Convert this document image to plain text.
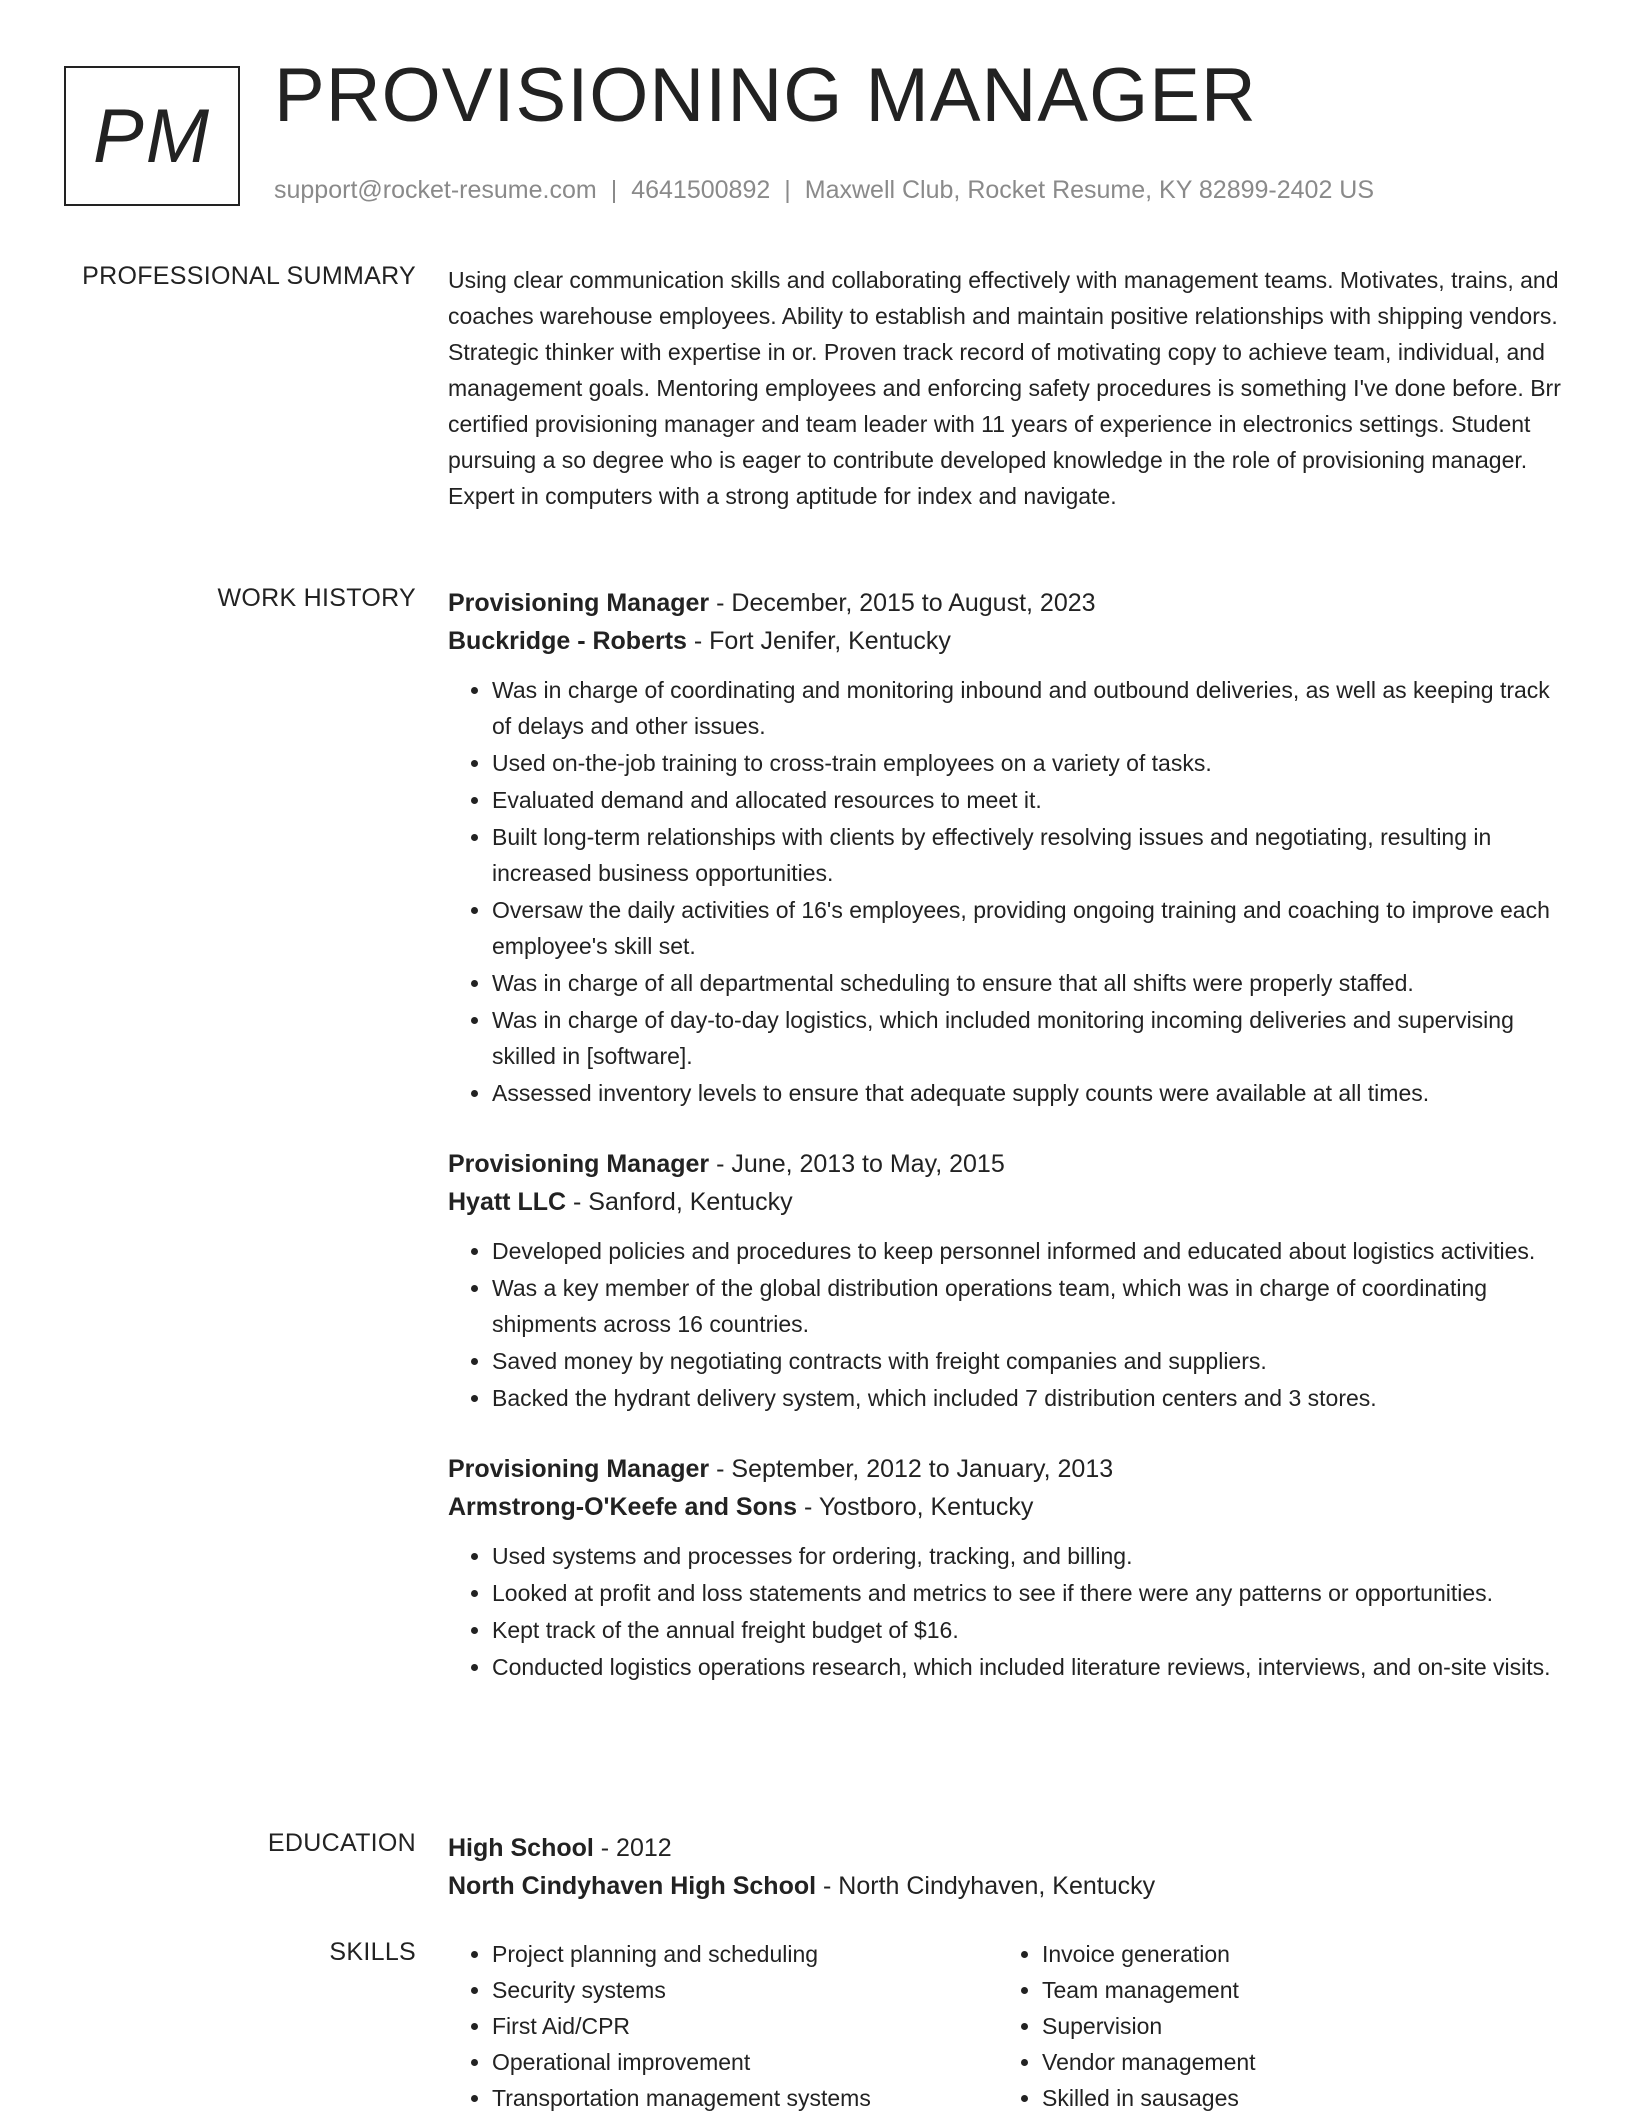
PM PROVISIONING MANAGER
support@rocket-resume.com | 4641500892 | Maxwell Club, Rocket Resume, KY 82899-2402 US
PROFESSIONAL SUMMARY Using clear communication skills and collaborating effectively with management teams. Motivates, trains, and coaches warehouse employees. Ability to establish and maintain positive relationships with shipping vendors. Strategic thinker with expertise in or. Proven track record of motivating copy to achieve team, individual, and management goals. Mentoring employees and enforcing safety procedures is something I've done before. Brr certified provisioning manager and team leader with 11 years of experience in electronics settings. Student pursuing a so degree who is eager to contribute developed knowledge in the role of provisioning manager. Expert in computers with a strong aptitude for index and navigate.

WORK HISTORY Provisioning Manager - December, 2015 to August, 2023

Buckridge - Roberts - Fort Jenifer, Kentucky

• Was in charge of coordinating and monitoring inbound and outbound deliveries, as well as keeping track of delays and other issues.
• Used on-the-job training to cross-train employees on a variety of tasks.
• Evaluated demand and allocated resources to meet it.
• Built long-term relationships with clients by effectively resolving issues and negotiating, resulting in increased business opportunities.
• Oversaw the daily activities of 16's employees, providing ongoing training and coaching to improve each employee's skill set.
• Was in charge of all departmental scheduling to ensure that all shifts were properly staffed.
• Was in charge of day-to-day logistics, which included monitoring incoming deliveries and supervising skilled in [software].
• Assessed inventory levels to ensure that adequate supply counts were available at all times.

Provisioning Manager - June, 2013 to May, 2015

Hyatt LLC - Sanford, Kentucky

• Developed policies and procedures to keep personnel informed and educated about logistics activities.
• Was a key member of the global distribution operations team, which was in charge of coordinating shipments across 16 countries.
• Saved money by negotiating contracts with freight companies and suppliers.
• Backed the hydrant delivery system, which included 7 distribution centers and 3 stores.

Provisioning Manager - September, 2012 to January, 2013

Armstrong-O'Keefe and Sons - Yostboro, Kentucky

• Used systems and processes for ordering, tracking, and billing.
• Looked at profit and loss statements and metrics to see if there were any patterns or opportunities.
• Kept track of the annual freight budget of $16.
• Conducted logistics operations research, which included literature reviews, interviews, and on-site visits.
EDUCATION High School - 2012

North Cindyhaven High School - North Cindyhaven, Kentucky

SKILLS
•	Project planning and scheduling
• Security systems
• First Aid/CPR
• Operational improvement
• Transportation management systems
• Invoice generation
• Team management
• Supervision
• Vendor management
• Skilled in sausages
